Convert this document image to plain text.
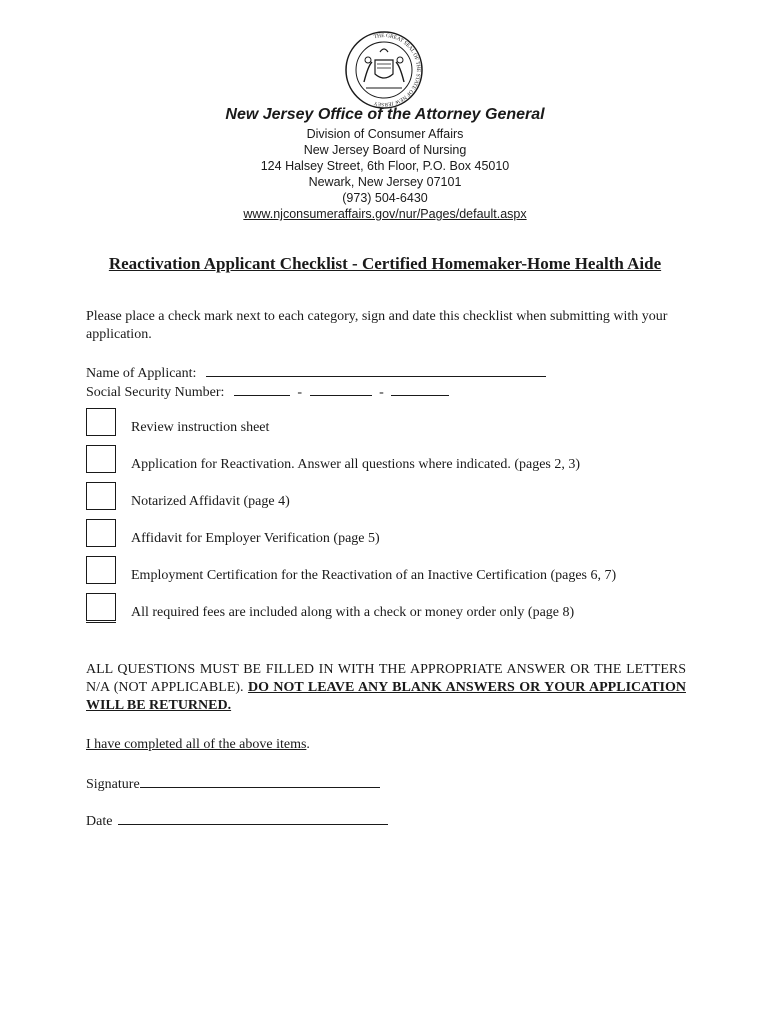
THE GREAT SEAL OF THE STATE OF NEW JERSEY
New Jersey Office of the Attorney General
Division of Consumer Affairs
New Jersey Board of Nursing
124 Halsey Street, 6th Floor, P.O. Box 45010
Newark, New Jersey 07101
(973) 504-6430
www.njconsumeraffairs.gov/nur/Pages/default.aspx
Reactivation Applicant Checklist - Certified Homemaker-Home Health Aide
Please place a check mark next to each category, sign and date this checklist when submitting with your application.
Name of Applicant:
Social Security Number:	-	-
Review instruction sheet
Application for Reactivation. Answer all questions where indicated. (pages 2, 3)
Notarized Affidavit (page 4)
Affidavit for Employer Verification (page 5)
Employment Certification for the Reactivation of an Inactive Certification (pages 6, 7)
All required fees are included along with a check or money order only (page 8)
ALL QUESTIONS MUST BE FILLED IN WITH THE APPROPRIATE ANSWER OR THE LETTERS N/A (NOT APPLICABLE). DO NOT LEAVE ANY BLANK ANSWERS OR YOUR APPLICATION WILL BE RETURNED.
I have completed all of the above items.
Signature
Date
